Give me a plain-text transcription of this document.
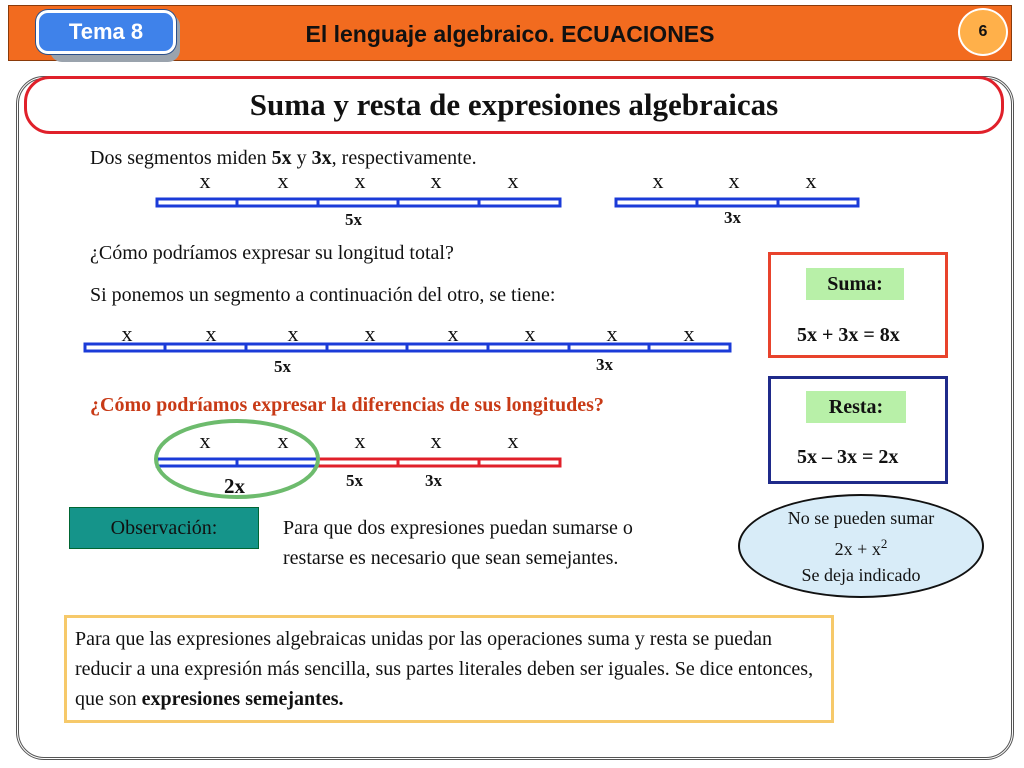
Tema 8	El lenguaje algebraico. ECUACIONES	6
Suma y resta de expresiones algebraicas
Dos segmentos miden 5x y 3x, respectivamente.
x	x	x	x	x	x	x	x
5x	3x
¿Cómo podríamos expresar su longitud total?
Si ponemos un segmento a continuación del otro, se tiene:
x	x	x	x	x	x	x	x
5x	3x
¿Cómo podríamos expresar la diferencias de sus longitudes?
x	x	x	x	x
5x	3x
2x
Suma:
5x + 3x = 8x
Resta:
5x – 3x = 2x
Observación:	Para que dos expresiones puedan sumarse o
restarse es necesario que sean semejantes.
No se pueden sumar
$2x + x^2$
Se deja indicado
Para que las expresiones algebraicas unidas por las operaciones suma y resta se puedan reducir a una expresión más sencilla, sus partes literales deben ser iguales. Se dice entonces, que son expresiones semejantes.
